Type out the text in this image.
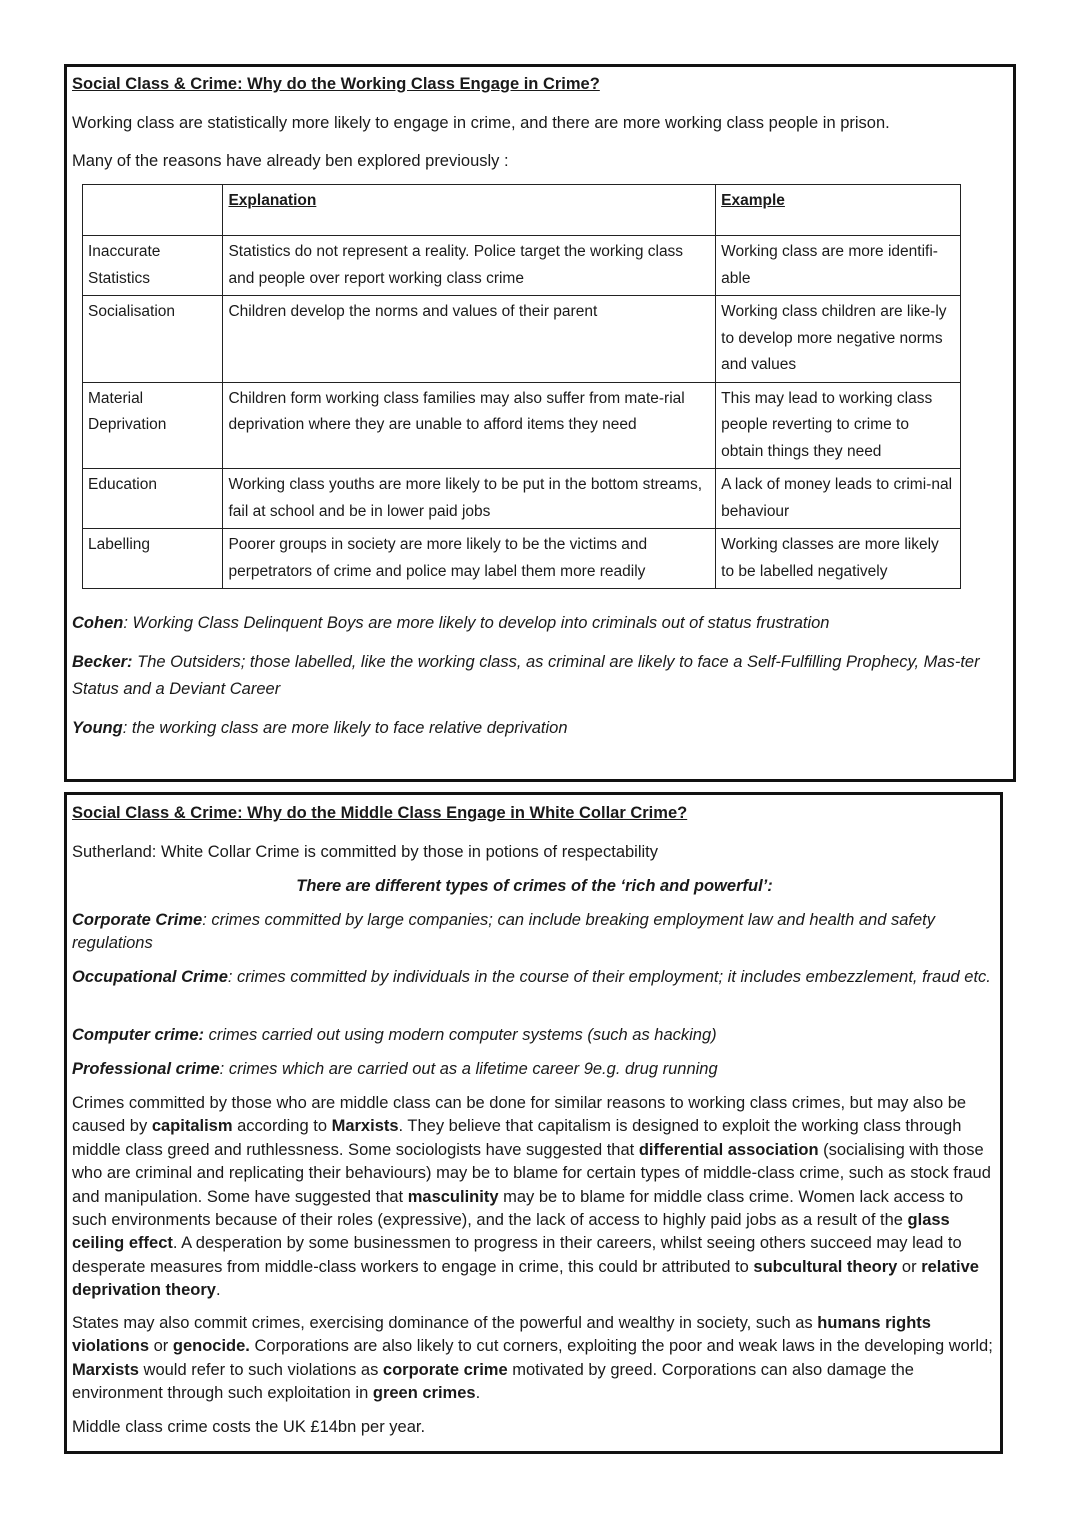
Social Class & Crime: Why do the Working Class Engage in Crime?
Working class are statistically more likely to engage in crime, and there are more working class people in prison.
Many of the reasons have already ben explored previously :
	Explanation	Example
Inaccurate Statistics	Statistics do not represent a reality. Police target the working class and people over report working class crime	Working class are more identifi-able
Socialisation	Children develop the norms and values of their parent	Working class children are like-ly to develop more negative norms and values
Material Deprivation	Children form working class families may also suffer from mate-rial deprivation where they are unable to afford items they need	This may lead to working class people reverting to crime to obtain things they need
Education	Working class youths are more likely to be put in the bottom streams, fail at school and be in lower paid jobs	A lack of money leads to crimi-nal behaviour
Labelling	Poorer groups in society are more likely to be the victims and perpetrators of crime and police may label them more readily	Working classes are more likely to be labelled negatively
Cohen: Working Class Delinquent Boys are more likely to develop into criminals out of status frustration
Becker: The Outsiders; those labelled, like the working class, as criminal are likely to face a Self-Fulfilling Prophecy, Mas-ter Status and a Deviant Career
Young: the working class are more likely to face relative deprivation
Social Class & Crime: Why do the Middle Class Engage in White Collar Crime?
Sutherland: White Collar Crime is committed by those in potions of respectability
There are different types of crimes of the ‘rich and powerful’:
Corporate Crime: crimes committed by large companies; can include breaking employment law and health and safety regulations
Occupational Crime: crimes committed by individuals in the course of their employment; it includes embezzlement, fraud etc.
Computer crime: crimes carried out using modern computer systems (such as hacking)
Professional crime: crimes which are carried out as a lifetime career 9e.g. drug running
Crimes committed by those who are middle class can be done for similar reasons to working class crimes, but may also be caused by capitalism according to Marxists. They believe that capitalism is designed to exploit the working class through middle class greed and ruthlessness. Some sociologists have suggested that differential association (socialising with those who are criminal and replicating their behaviours) may be to blame for certain types of middle-class crime, such as stock fraud and manipulation. Some have suggested that masculinity may be to blame for middle class crime. Women lack access to such environments because of their roles (expressive), and the lack of access to highly paid jobs as a result of the glass ceiling effect. A desperation by some businessmen to progress in their careers, whilst seeing others succeed may lead to desperate measures from middle-class workers to engage in crime, this could br attributed to subcultural theory or relative deprivation theory.
States may also commit crimes, exercising dominance of the powerful and wealthy in society, such as humans rights violations or genocide. Corporations are also likely to cut corners, exploiting the poor and weak laws in the developing world; Marxists would refer to such violations as corporate crime motivated by greed. Corporations can also damage the environment through such exploitation in green crimes.
Middle class crime costs the UK £14bn per year.
